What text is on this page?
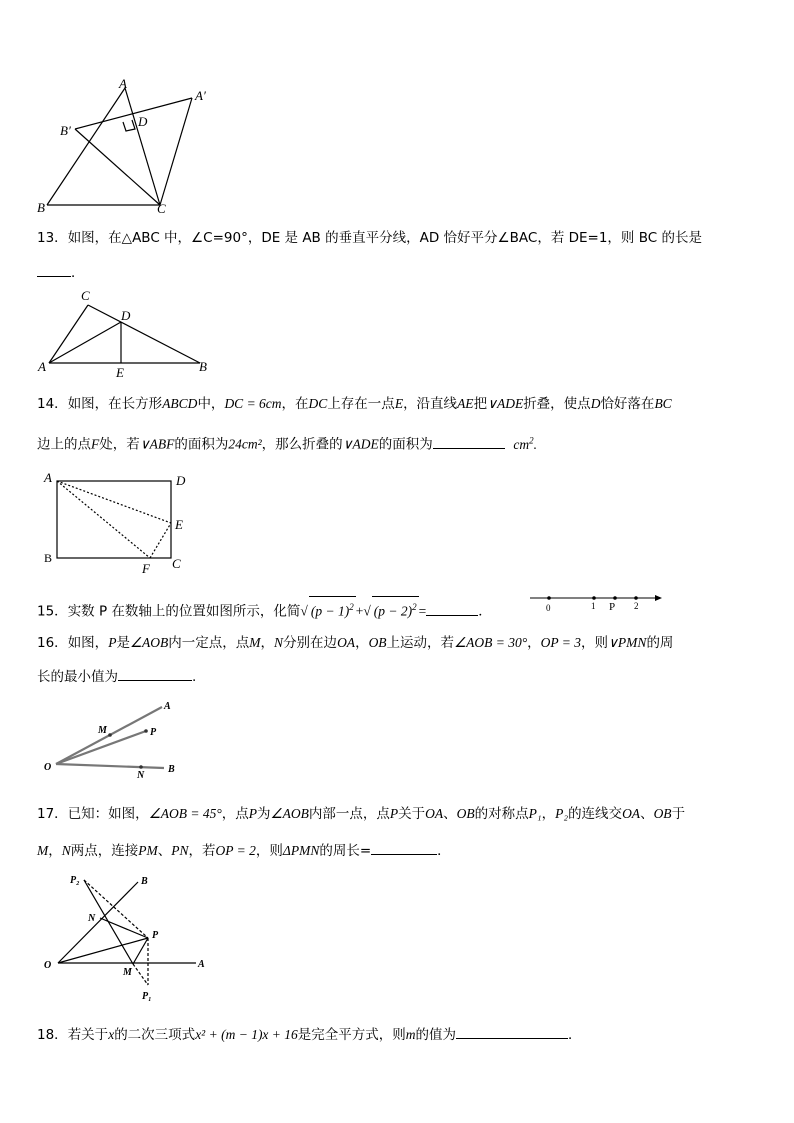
A
A′
B′
D
B	C
13．如图，在△ABC 中，∠C=90°，DE 是 AB 的垂直平分线，AD 恰好平分∠BAC，若 DE=1，则 BC 的长是
．
C
D
A	E	B
14．如图，在长方形ABCD中，DC = 6cm，在DC上存在一点E，沿直线AE把∨ADE折叠，使点D恰好落在BC
边上的点F处，若∨ABF的面积为24cm²，那么折叠的∨ADE的面积为	$cm^2$.
A	D
E
B
F C
15．实数 P 在数轴上的位置如图所示，化简√ $(p - 1)^2$ +√ $(p - 2)^2$ =	．	0	1 P 2
16．如图，P是∠AOB内一定点，点M，N分别在边OA，OB上运动，若∠AOB = 30°，OP = 3，则∨PMN的周
长的最小值为	.
A
M	P
O
N
B
17．已知：如图，∠AOB = 45°，点P为∠AOB内部一点，点P关于OA、OB的对称点P₁，P₂的连线交OA、OB于
M，N两点，连接PM、PN，若OP = 2，则ΔPMN的周长=	．
P₂	B
N
P
O
M
A
P₁
18．若关于x的二次三项式x² + (m − 1)x + 16是完全平方式，则m的值为	．
